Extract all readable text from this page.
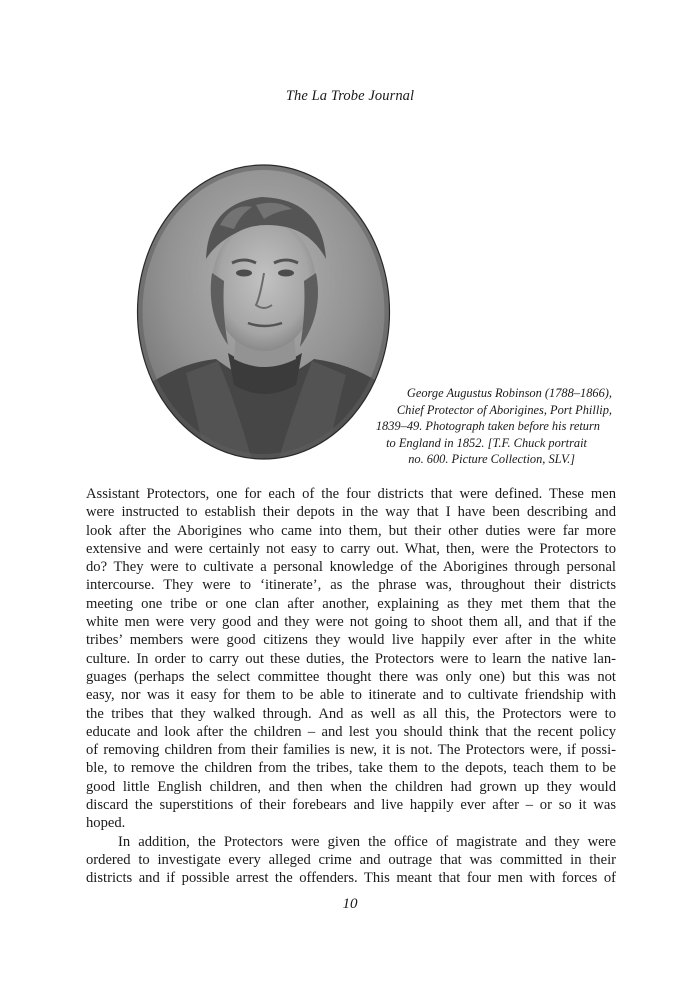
The La Trobe Journal
George Augustus Robinson (1788–1866),
Chief Protector of Aborigines, Port Phillip,
1839–49. Photograph taken before his return
to England in 1852. [T.F. Chuck portrait
no. 600. Picture Collection, SLV.]
Assistant Protectors, one for each of the four districts that were defined. These men
were instructed to establish their depots in the way that I have been describing and
look after the Aborigines who came into them, but their other duties were far more
extensive and were certainly not easy to carry out. What, then, were the Protectors to
do? They were to cultivate a personal knowledge of the Aborigines through personal
intercourse. They were to ‘itinerate’, as the phrase was, throughout their districts
meeting one tribe or one clan after another, explaining as they met them that the
white men were very good and they were not going to shoot them all, and that if the
tribes’ members were good citizens they would live happily ever after in the white
culture. In order to carry out these duties, the Protectors were to learn the native lan-
guages (perhaps the select committee thought there was only one) but this was not
easy, nor was it easy for them to be able to itinerate and to cultivate friendship with
the tribes that they walked through. And as well as all this, the Protectors were to
educate and look after the children – and lest you should think that the recent policy
of removing children from their families is new, it is not. The Protectors were, if possi-
ble, to remove the children from the tribes, take them to the depots, teach them to be
good little English children, and then when the children had grown up they would
discard the superstitions of their forebears and live happily ever after – or so it was
hoped.
In addition, the Protectors were given the office of magistrate and they were
ordered to investigate every alleged crime and outrage that was committed in their
districts and if possible arrest the offenders. This meant that four men with forces of
10
